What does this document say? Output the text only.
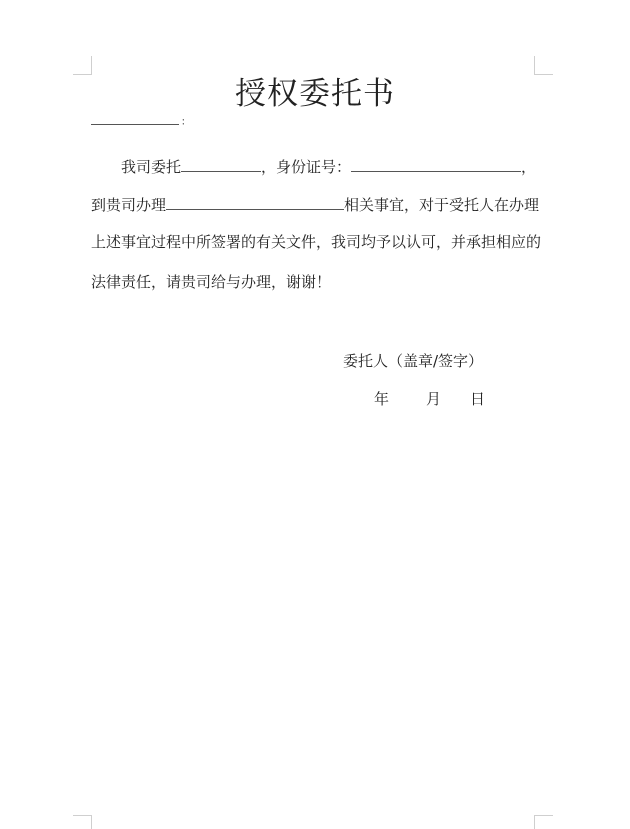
授权委托书
：
我司委托	，身份证号：	，
到贵司办理	相关事宜，对于受托人在办理
上述事宜过程中所签署的有关文件，我司均予以认可，并承担相应的
法律责任，请贵司给与办理，谢谢！
委托人（盖章/签字）
年 月 日
